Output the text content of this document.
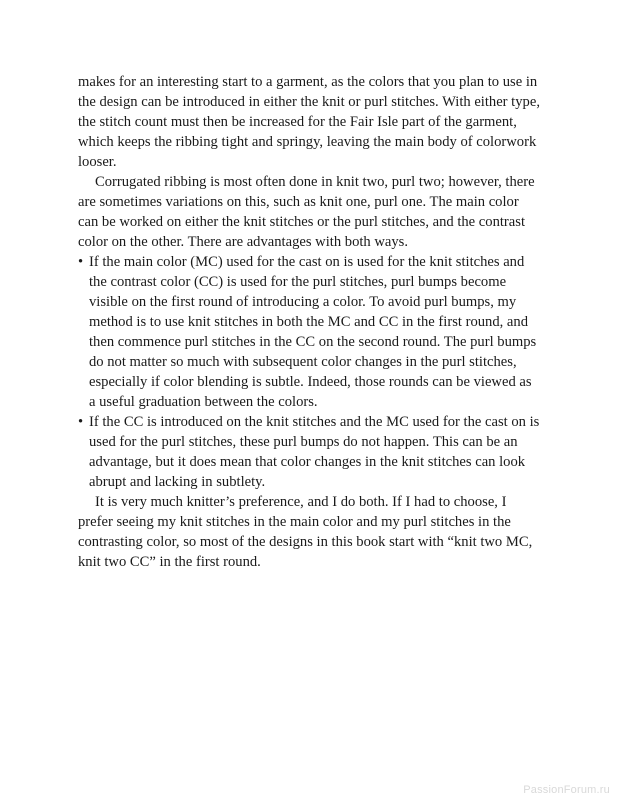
makes for an interesting start to a garment, as the colors that you plan to use in the design can be introduced in either the knit or purl stitches. With either type, the stitch count must then be increased for the Fair Isle part of the garment, which keeps the ribbing tight and springy, leaving the main body of colorwork looser.

Corrugated ribbing is most often done in knit two, purl two; however, there are sometimes variations on this, such as knit one, purl one. The main color can be worked on either the knit stitches or the purl stitches, and the contrast color on the other. There are advantages with both ways.

• If the main color (MC) used for the cast on is used for the knit stitches and the contrast color (CC) is used for the purl stitches, purl bumps become visible on the first round of introducing a color. To avoid purl bumps, my method is to use knit stitches in both the MC and CC in the first round, and then commence purl stitches in the CC on the second round. The purl bumps do not matter so much with subsequent color changes in the purl stitches, especially if color blending is subtle. Indeed, those rounds can be viewed as a useful graduation between the colors.
• If the CC is introduced on the knit stitches and the MC used for the cast on is used for the purl stitches, these purl bumps do not happen. This can be an advantage, but it does mean that color changes in the knit stitches can look abrupt and lacking in subtlety.

It is very much knitter’s preference, and I do both. If I had to choose, I prefer seeing my knit stitches in the main color and my purl stitches in the contrasting color, so most of the designs in this book start with “knit two MC, knit two CC” in the first round.

PassionForum.ru
